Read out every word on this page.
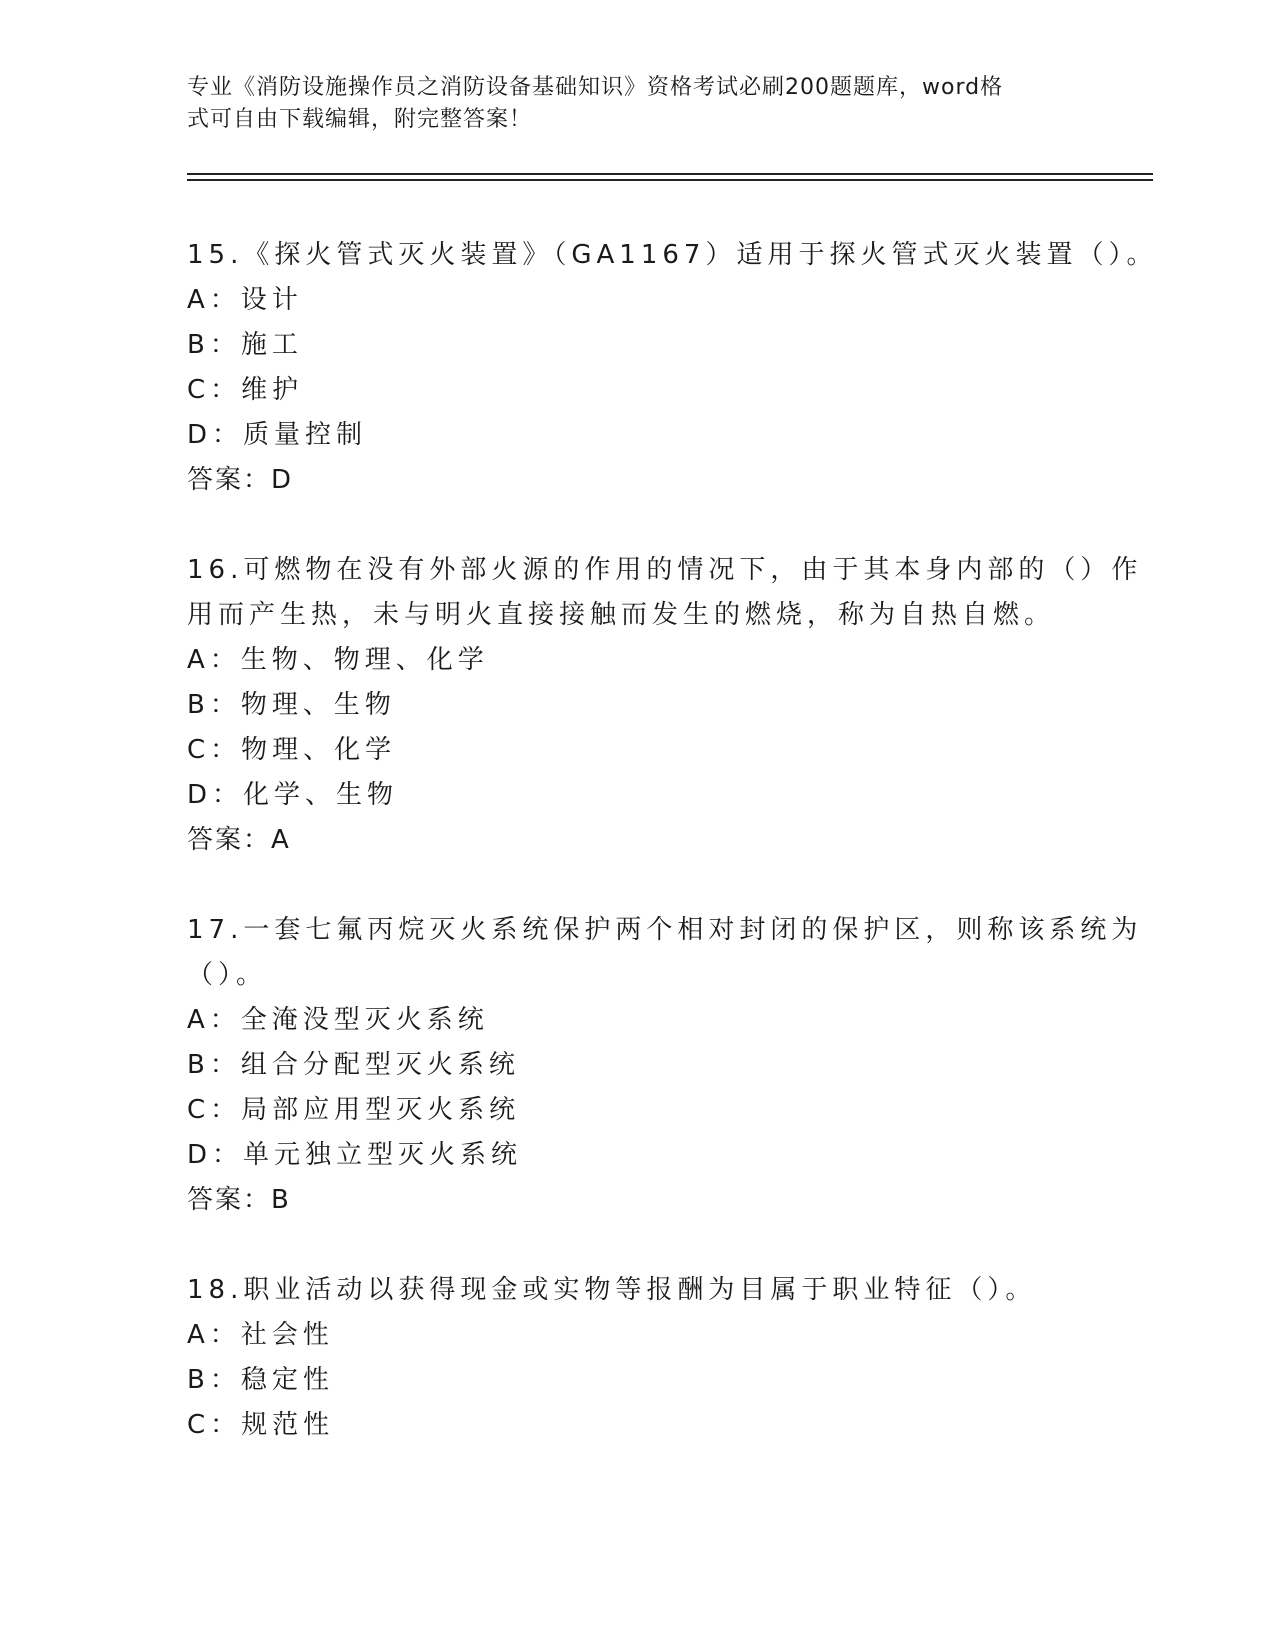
专业《消防设施操作员之消防设备基础知识》资格考试必刷200题题库，word格
式可自由下载编辑，附完整答案！
15.《探火管式灭火装置》（GA1167）适用于探火管式灭火装置（）。
A：设计
B：施工
C：维护
D：质量控制
答案：D
16.可燃物在没有外部火源的作用的情况下，由于其本身内部的（）作
用而产生热，未与明火直接接触而发生的燃烧，称为自热自燃。
A：生物、物理、化学
B：物理、生物
C：物理、化学
D：化学、生物
答案：A
17.一套七氟丙烷灭火系统保护两个相对封闭的保护区，则称该系统为
（）。
A：全淹没型灭火系统
B：组合分配型灭火系统
C：局部应用型灭火系统
D：单元独立型灭火系统
答案：B
18.职业活动以获得现金或实物等报酬为目属于职业特征（）。
A：社会性
B：稳定性
C：规范性
